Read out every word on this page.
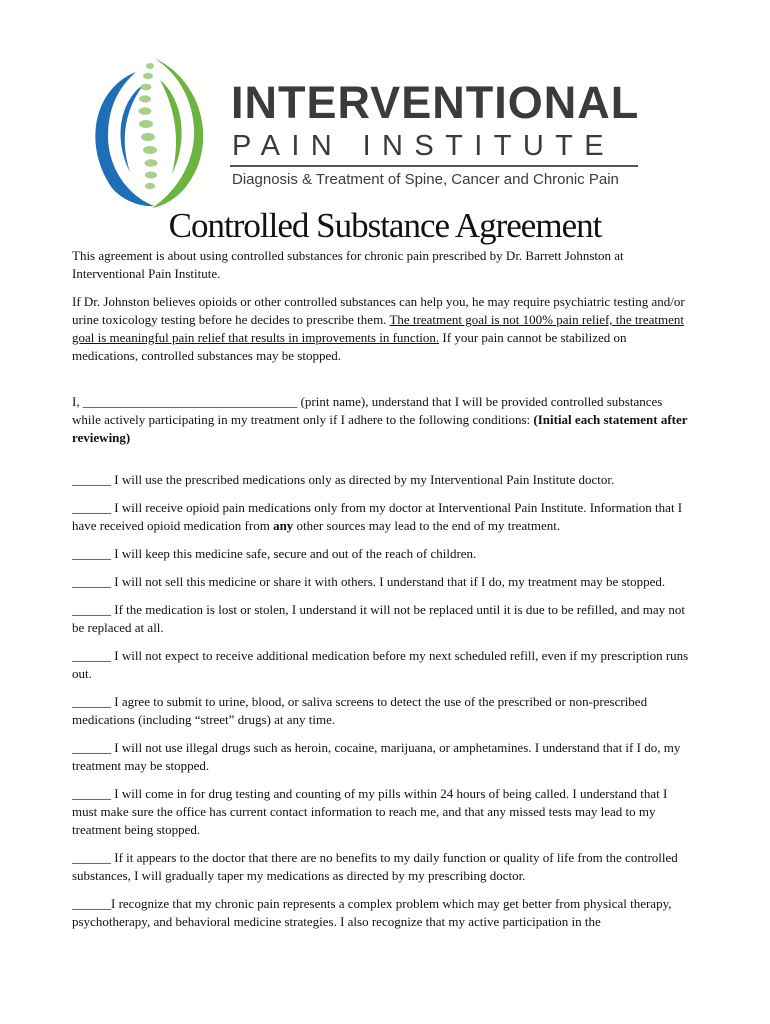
INTERVENTIONAL
PAIN INSTITUTE
Diagnosis & Treatment of Spine, Cancer and Chronic Pain
Controlled Substance Agreement

This agreement is about using controlled substances for chronic pain prescribed by Dr. Barrett Johnston at Interventional Pain Institute.

If Dr. Johnston believes opioids or other controlled substances can help you, he may require psychiatric testing and/or urine toxicology testing before he decides to prescribe them. The treatment goal is not 100% pain relief, the treatment goal is meaningful pain relief that results in improvements in function. If your pain cannot be stabilized on medications, controlled substances may be stopped.

I, _________________________________ (print name), understand that I will be provided controlled substances while actively participating in my treatment only if I adhere to the following conditions: (Initial each statement after reviewing)

______ I will use the prescribed medications only as directed by my Interventional Pain Institute doctor.

______ I will receive opioid pain medications only from my doctor at Interventional Pain Institute. Information that I have received opioid medication from any other sources may lead to the end of my treatment.

______ I will keep this medicine safe, secure and out of the reach of children.

______ I will not sell this medicine or share it with others. I understand that if I do, my treatment may be stopped.

______ If the medication is lost or stolen, I understand it will not be replaced until it is due to be refilled, and may not be replaced at all.

______ I will not expect to receive additional medication before my next scheduled refill, even if my prescription runs out.

______ I agree to submit to urine, blood, or saliva screens to detect the use of the prescribed or non-prescribed medications (including “street” drugs) at any time.

______ I will not use illegal drugs such as heroin, cocaine, marijuana, or amphetamines. I understand that if I do, my treatment may be stopped.

______ I will come in for drug testing and counting of my pills within 24 hours of being called. I understand that I must make sure the office has current contact information to reach me, and that any missed tests may lead to my treatment being stopped.

______ If it appears to the doctor that there are no benefits to my daily function or quality of life from the controlled substances, I will gradually taper my medications as directed by my prescribing doctor.

______I recognize that my chronic pain represents a complex problem which may get better from physical therapy, psychotherapy, and behavioral medicine strategies. I also recognize that my active participation in the
